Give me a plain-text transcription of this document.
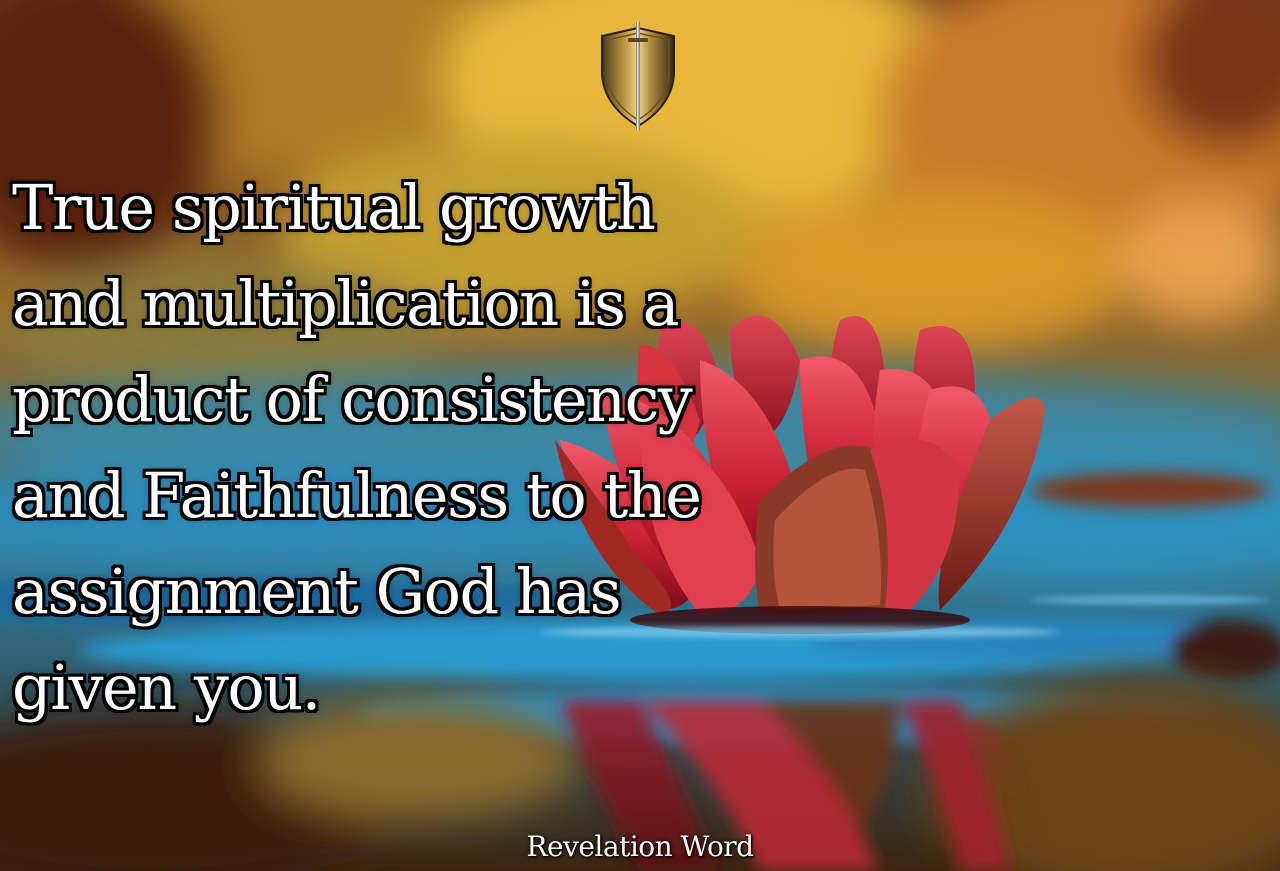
True spiritual growth
and multiplication is a
product of consistency
and Faithfulness to the
assignment God has
given you.

Revelation Word
